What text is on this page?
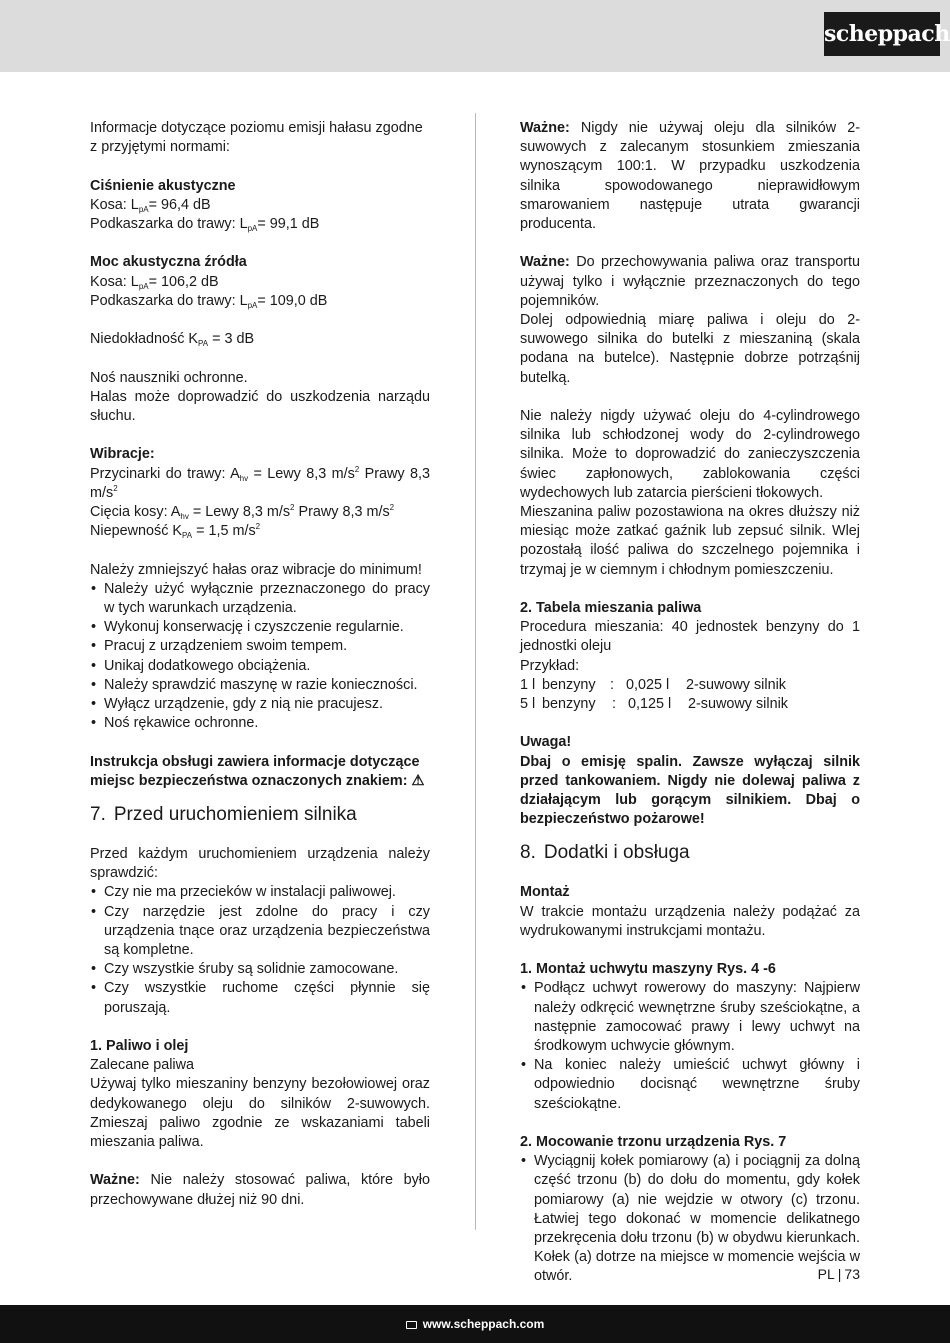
scheppach

Informacje dotyczące poziomu emisji hałasu zgodne z przyjętymi normami:

Ciśnienie akustyczne

Kosa: $L_{pA}= 96,4$ dB

Podkaszarka do trawy: $L_{pA}= 99,1$ dB

Moc akustyczna źródła

Kosa: $L_{pA}= 106,2$ dB

Podkaszarka do trawy: $L_{pA}= 109,0$ dB

Niedokładność $K_{PA} = 3$ dB

Noś nauszniki ochronne.

Halas może doprowadzić do uszkodzenia narządu słuchu.

Wibracje:

Przycinarki do trawy: $A_{hv}$ = Lewy 8,3 $m/s^2$ Prawy 8,3 $m/s^2$

Cięcia kosy: $A_{hv}$ = Lewy 8,3 $m/s^2$ Prawy 8,3 $m/s^2$

Niepewność $K_{PA} = 1,5$ $m/s^2$

Należy zmniejszyć hałas oraz wibracje do minimum!

• Należy użyć wyłącznie przeznaczonego do pracy w tych warunkach urządzenia.
• Wykonuj konserwację i czyszczenie regularnie.
• Pracuj z urządzeniem swoim tempem.
• Unikaj dodatkowego obciążenia.
• Należy sprawdzić maszynę w razie konieczności.
• Wyłącz urządzenie, gdy z nią nie pracujesz.
• Noś rękawice ochronne.

Instrukcja obsługi zawiera informacje dotyczące miejsc bezpieczeństwa oznaczonych znakiem: ⚠

7. Przed uruchomieniem silnika

Przed każdym uruchomieniem urządzenia należy sprawdzić:

• Czy nie ma przecieków w instalacji paliwowej.
• Czy narzędzie jest zdolne do pracy i czy urządzenia tnące oraz urządzenia bezpieczeństwa są kompletne.
• Czy wszystkie śruby są solidnie zamocowane.
• Czy wszystkie ruchome części płynnie się poruszają.

1. Paliwo i olej

Zalecane paliwa

Używaj tylko mieszaniny benzyny bezołowiowej oraz dedykowanego oleju do silników 2-suwowych. Zmieszaj paliwo zgodnie ze wskazaniami tabeli mieszania paliwa.

Ważne: Nie należy stosować paliwa, które było przechowywane dłużej niż 90 dni.

Ważne: Nigdy nie używaj oleju dla silników 2-suwowych z zalecanym stosunkiem zmieszania wynoszącym 100:1. W przypadku uszkodzenia silnika spowodowanego nieprawidłowym smarowaniem następuje utrata gwarancji producenta.

Ważne: Do przechowywania paliwa oraz transportu używaj tylko i wyłącznie przeznaczonych do tego pojemników.

Dolej odpowiednią miarę paliwa i oleju do 2-suwowego silnika do butelki z mieszaniną (skala podana na butelce). Następnie dobrze potrząśnij butelką.

Nie należy nigdy używać oleju do 4-cylindrowego silnika lub schłodzonej wody do 2-cylindrowego silnika. Może to doprowadzić do zanieczyszczenia świec zapłonowych, zablokowania części wydechowych lub zatarcia pierścieni tłokowych.

Mieszanina paliw pozostawiona na okres dłuższy niż miesiąc może zatkać gaźnik lub zepsuć silnik. Wlej pozostałą ilość paliwa do szczelnego pojemnika i trzymaj je w ciemnym i chłodnym pomieszczeniu.

2. Tabela mieszania paliwa

Procedura mieszania: 40 jednostek benzyny do 1 jednostki oleju

Przykład:

1 l benzyny : 0,025 l 2-suwowy silnik

5 l benzyny : 0,125 l 2-suwowy silnik

Uwaga!

Dbaj o emisję spalin. Zawsze wyłączaj silnik przed tankowaniem. Nigdy nie dolewaj paliwa z działającym lub gorącym silnikiem. Dbaj o bezpieczeństwo pożarowe!

8. Dodatki i obsługa

Montaż

W trakcie montażu urządzenia należy podążać za wydrukowanymi instrukcjami montażu.

1. Montaż uchwytu maszyny Rys. 4 -6

• Podłącz uchwyt rowerowy do maszyny: Najpierw należy odkręcić wewnętrzne śruby sześciokątne, a następnie zamocować prawy i lewy uchwyt na środkowym uchwycie głównym.
• Na koniec należy umieścić uchwyt główny i odpowiednio docisnąć wewnętrzne śruby sześciokątne.

2. Mocowanie trzonu urządzenia Rys. 7

• Wyciągnij kołek pomiarowy (a) i pociągnij za dolną część trzonu (b) do dołu do momentu, gdy kołek pomiarowy (a) nie wejdzie w otwory (c) trzonu. Łatwiej tego dokonać w momencie delikatnego przekręcenia dołu trzonu (b) w obydwu kierunkach. Kołek (a) dotrze na miejsce w momencie wejścia w otwór.	PL | 73
www.scheppach.com
